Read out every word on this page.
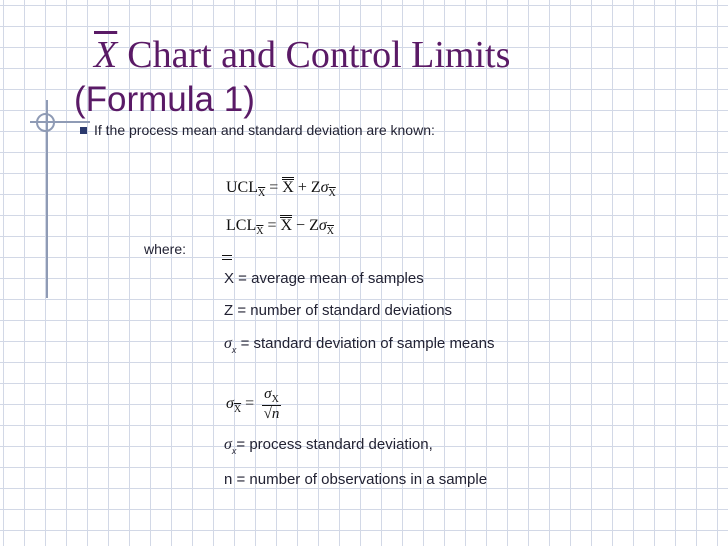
X Chart and Control Limits
(Formula 1)
If the process mean and standard deviation are known:
$UCL_{\overline{X}} = X + Z\sigma_{\overline{X}}$
$LCL_{\overline{X}} = X - Z\sigma_{\overline{X}}$
where:
X = average mean of samples
Z = number of standard deviations
$\sigma_x$ = standard deviation of sample means
$\sigma_{\overline{X}} = \frac{\sigma_X}{√n}$
$\sigma_x=$ process standard deviation,
n = number of observations in a sample
